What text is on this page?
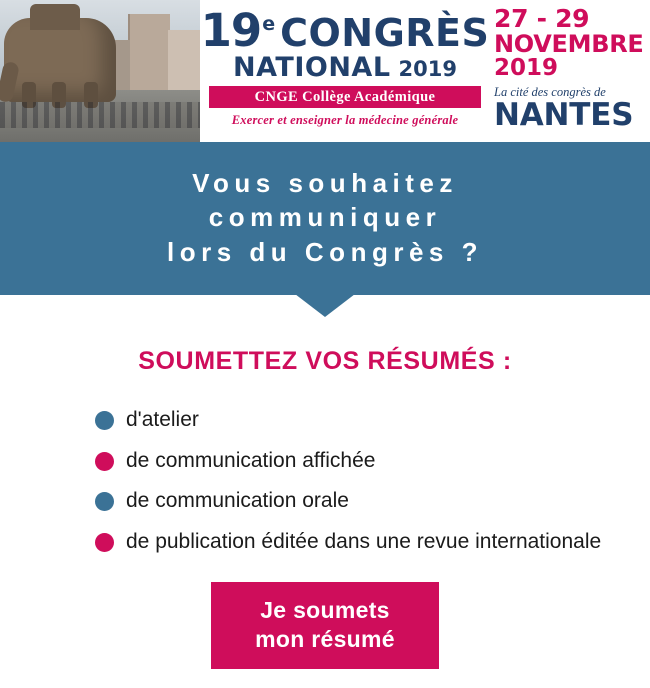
19 e CONGRÈS
NATIONAL 2019
CNGE Collège Académique
Exercer et enseigner la médecine générale
27 - 29
NOVEMBRE
2019
La cité des congrès de
NANTES
Vous souhaitez
communiquer
lors du Congrès ?
SOUMETTEZ VOS RÉSUMÉS :
d'atelier
de communication affichée
de communication orale
de publication éditée dans une revue internationale
Je soumets
mon résumé
